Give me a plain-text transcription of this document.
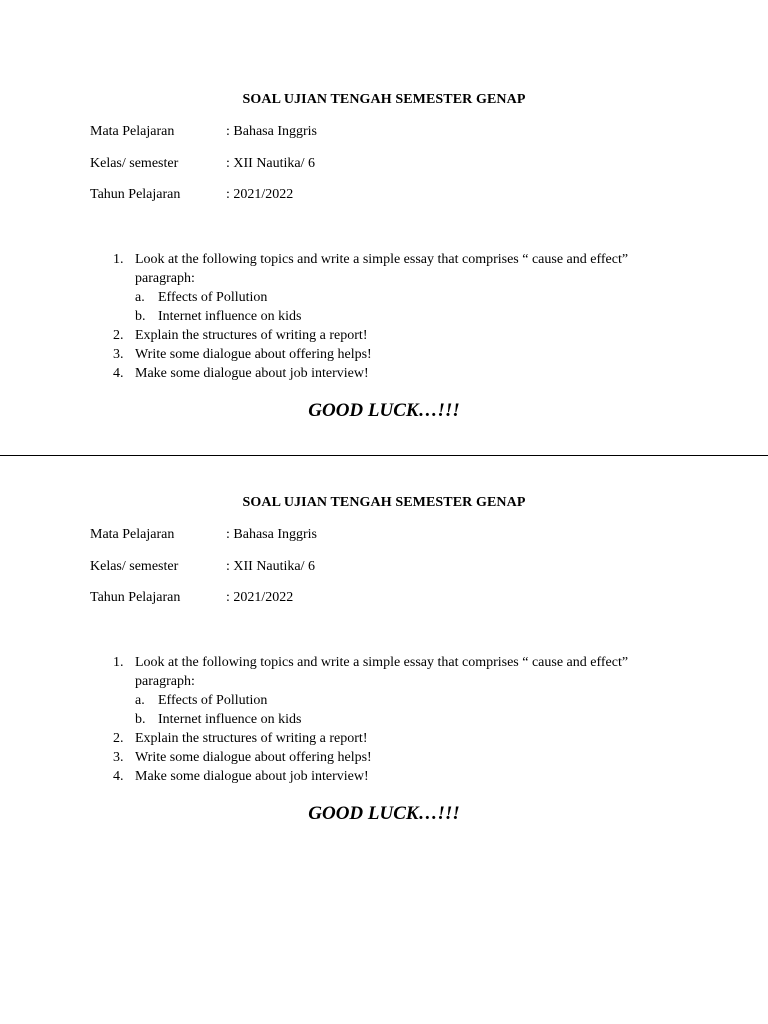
SOAL UJIAN TENGAH SEMESTER GENAP
Mata Pelajaran	: Bahasa Inggris
Kelas/ semester	: XII Nautika/ 6
Tahun Pelajaran	: 2021/2022
1. Look at the following topics and write a simple essay that comprises “ cause and effect” paragraph:
a. Effects of Pollution
b. Internet influence on kids
2. Explain the structures of writing a report!
3. Write some dialogue about offering helps!
4. Make some dialogue about job interview!
GOOD LUCK…!!!
SOAL UJIAN TENGAH SEMESTER GENAP
Mata Pelajaran	: Bahasa Inggris
Kelas/ semester	: XII Nautika/ 6
Tahun Pelajaran	: 2021/2022
1. Look at the following topics and write a simple essay that comprises “ cause and effect” paragraph:
a. Effects of Pollution
b. Internet influence on kids
2. Explain the structures of writing a report!
3. Write some dialogue about offering helps!
4. Make some dialogue about job interview!
GOOD LUCK…!!!
